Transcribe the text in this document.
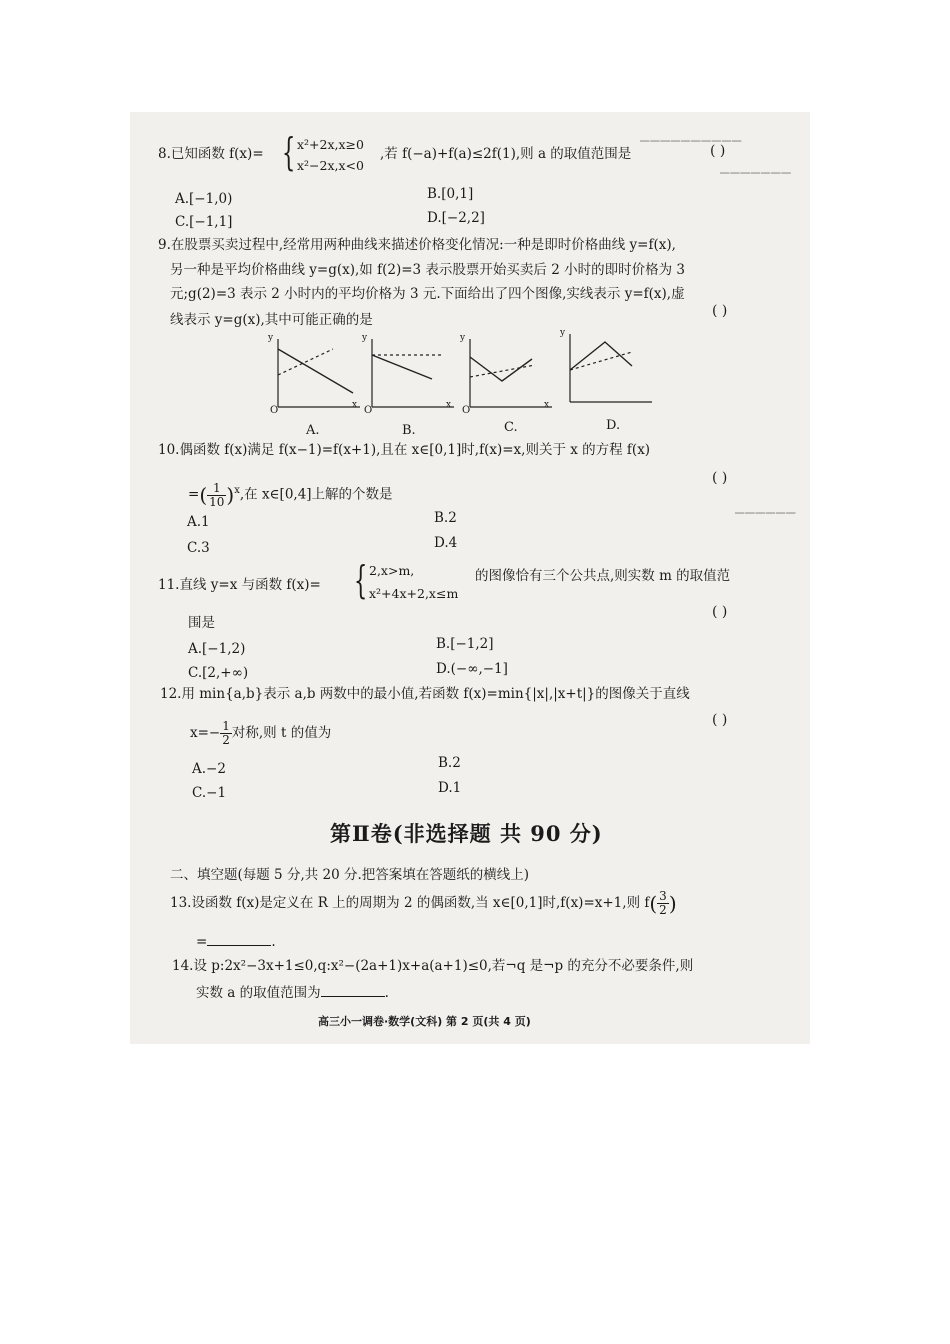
▁▁▁▁▁▁▁▁▁▁
▁▁▁▁▁▁▁
▁▁▁▁▁▁
8.已知函数 f(x)= { x²+2x,x≥0
x²−2x,x<0
,若 f(−a)+f(a)≤2f(1),则 a 的取值范围是	( )
A.[−1,0)	B.[0,1]
C.[−1,1]	D.[−2,2]
9.在股票买卖过程中,经常用两种曲线来描述价格变化情况:一种是即时价格曲线 y=f(x),
另一种是平均价格曲线 y=g(x),如 f(2)=3 表示股票开始买卖后 2 小时的即时价格为 3
元;g(2)=3 表示 2 小时内的平均价格为 3 元.下面给出了四个图像,实线表示 y=f(x),虚
线表示 y=g(x),其中可能正确的是
( )
y
O	x
A.
y
O	x
B.
y
O	x
C.
y
D.
10.偶函数 f(x)满足 f(x−1)=f(x+1),且在 x∈[0,1]时,f(x)=x,则关于 x 的方程 f(x)
=( $\frac{1}{10} )^x$,在 x∈[0,4]上解的个数是
( )
A.1	B.2
C.3	D.4
11.直线 y=x 与函数 f(x)= { 2,x>m,
x²+4x+2,x≤m
的图像恰有三个公共点,则实数 m 的取值范
围是
( )
A.[−1,2)	B.[−1,2]
C.[2,+∞)	D.(−∞,−1]
12.用 min{a,b}表示 a,b 两数中的最小值,若函数 f(x)=min{|x|,|x+t|}的图像关于直线
$x=- \frac{1}{2}$ 对称,则 t 的值为
( )
A.−2	B.2
C.−1	D.1
第Ⅱ卷(非选择题 共 90 分)
二、填空题(每题 5 分,共 20 分.把答案填在答题纸的横线上)
13.设函数 f(x)是定义在 R 上的周期为 2 的偶函数,当 x∈[0,1]时,f(x)=x+1,则 $f( \frac{3}{2}$ )
=	.
14.设 p:2x²−3x+1≤0,q:x²−(2a+1)x+a(a+1)≤0,若¬q 是¬p 的充分不必要条件,则
实数 a 的取值范围为	.
高三小一调卷·数学(文科) 第 2 页(共 4 页)
